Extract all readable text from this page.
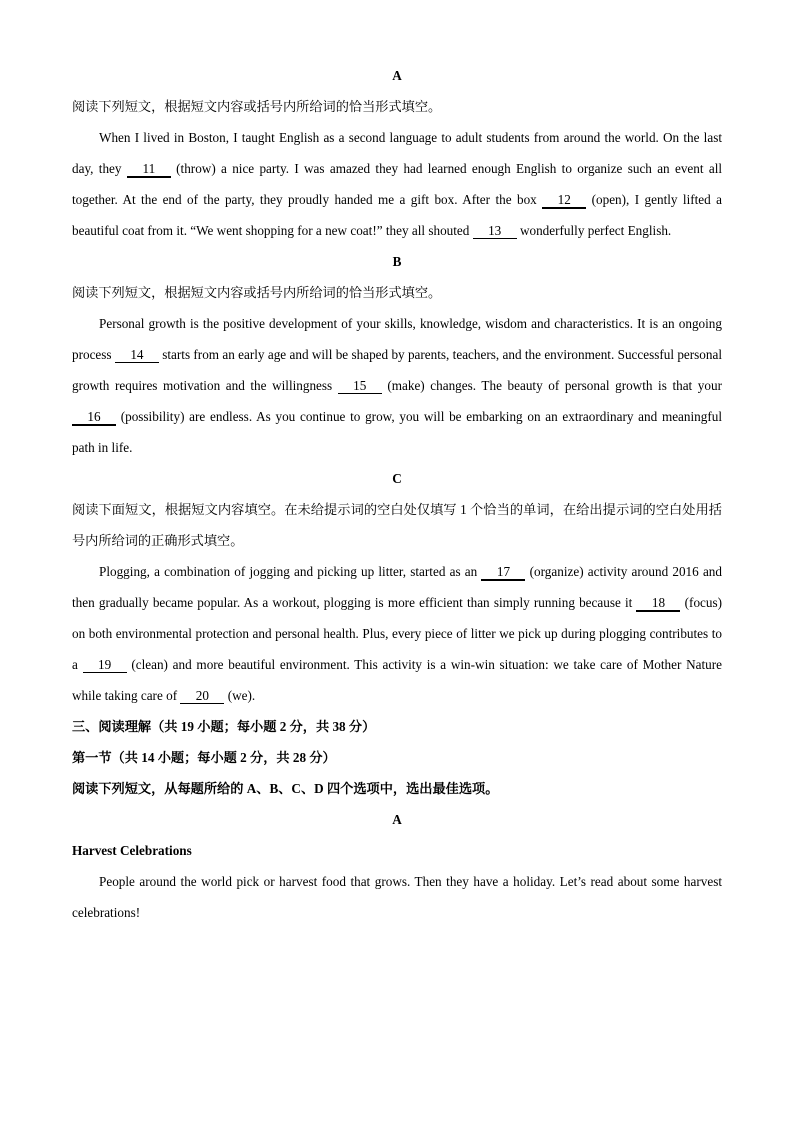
A
阅读下列短文，根据短文内容或括号内所给词的恰当形式填空。
When I lived in Boston, I taught English as a second language to adult students from around the world. On the last day, they 11 (throw) a nice party. I was amazed they had learned enough English to organize such an event all together. At the end of the party, they proudly handed me a gift box. After the box 12 (open), I gently lifted a beautiful coat from it. “We went shopping for a new coat!” they all shouted 13 wonderfully perfect English.
B
阅读下列短文，根据短文内容或括号内所给词的恰当形式填空。
Personal growth is the positive development of your skills, knowledge, wisdom and characteristics. It is an ongoing process 14 starts from an early age and will be shaped by parents, teachers, and the environment. Successful personal growth requires motivation and the willingness 15 (make) changes. The beauty of personal growth is that your 16 (possibility) are endless. As you continue to grow, you will be embarking on an extraordinary and meaningful path in life.
C
阅读下面短文，根据短文内容填空。在未给提示词的空白处仅填写 1 个恰当的单词，在给出提示词的空白处用括号内所给词的正确形式填空。
Plogging, a combination of jogging and picking up litter, started as an 17 (organize) activity around 2016 and then gradually became popular. As a workout, plogging is more efficient than simply running because it 18 (focus) on both environmental protection and personal health. Plus, every piece of litter we pick up during plogging contributes to a 19 (clean) and more beautiful environment. This activity is a win-win situation: we take care of Mother Nature while taking care of 20 (we).
三、阅读理解（共 19 小题；每小题 2 分，共 38 分）
第一节（共 14 小题；每小题 2 分，共 28 分）
阅读下列短文，从每题所给的 A、B、C、D 四个选项中，选出最佳选项。
A
Harvest Celebrations
People around the world pick or harvest food that grows. Then they have a holiday. Let’s read about some harvest celebrations!
